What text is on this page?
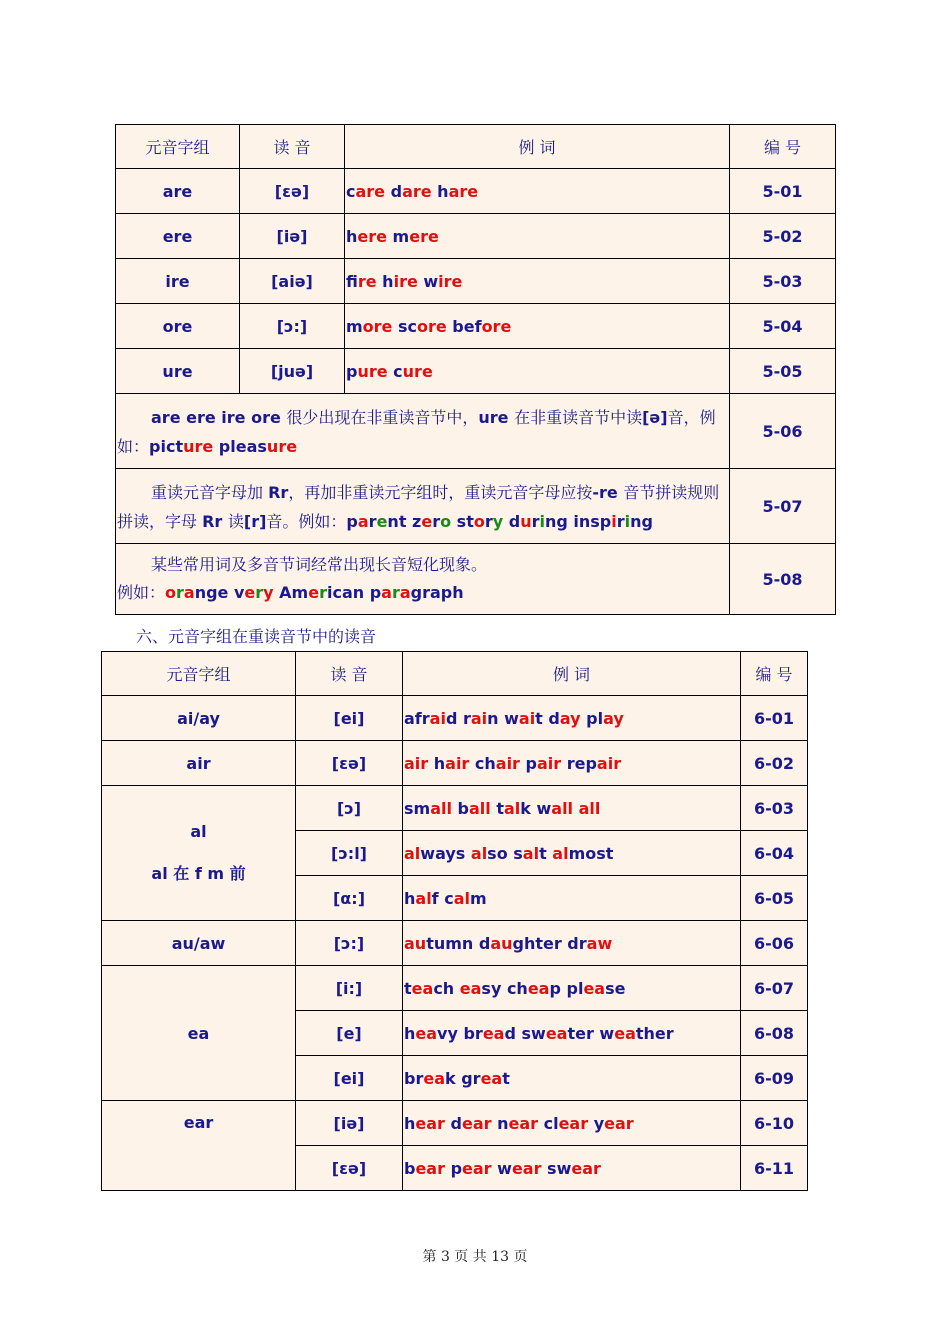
元音字组	读 音	例 词	编 号
are	[εə]	care dare hare	5-01
ere	[iə]	here mere	5-02
ire	[aiə]	fire hire wire	5-03
ore	[ɔ:]	more score before	5-04
ure	[juə]	pure cure	5-05

are ere ire ore 很少出现在非重读音节中，ure 在非重读音节中读[ə]音，例
如：picture pleasure			5-06

重读元音字母加 Rr，再加非重读元字组时，重读元音字母应按-re 音节拼读规则
拼读，字母 Rr 读[r]音。例如：parent zero story during inspiring			5-07

某些常用词及多音节词经常出现长音短化现象。
例如：orange very American paragraph			5-08
六、元音字组在重读音节中的读音
元音字组	读 音	例 词	编 号
ai/ay	[ei]	afraid rain wait day play	6-01
air	[εə]	air hair chair pair repair	6-02

al
al 在 f m 前	[ɔ]	small ball talk wall all	6-03
	[ɔ:l]	always also salt almost	6-04
	[α:]	half calm	6-05
au/aw	[ɔ:]	autumn daughter draw	6-06
ea	[i:]	teach easy cheap please	6-07
	[e]	heavy bread sweater weather	6-08
	[ei]	break great	6-09
ear	[iə]	hear dear near clear year	6-10
	[εə]	bear pear wear swear	6-11
第 3 页 共 13 页
